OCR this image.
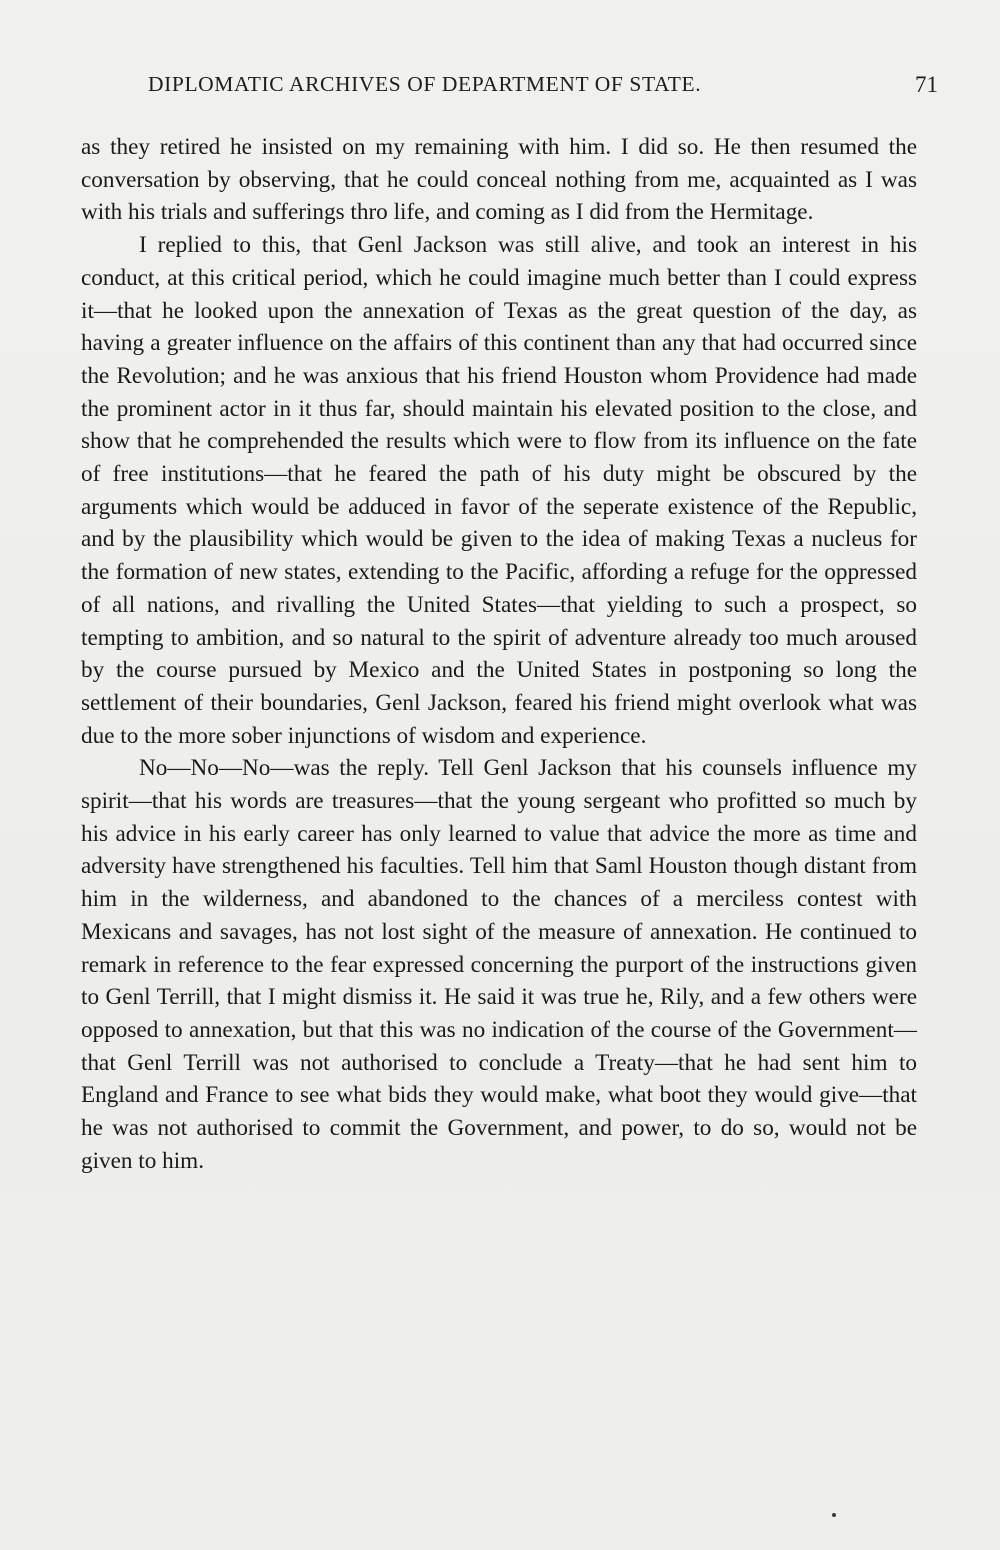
DIPLOMATIC ARCHIVES OF DEPARTMENT OF STATE.	71

as they retired he insisted on my remaining with him. I did so. He then resumed the conversation by observing, that he could conceal nothing from me, acquainted as I was with his trials and sufferings thro life, and coming as I did from the Hermitage.

I replied to this, that Genl Jackson was still alive, and took an interest in his conduct, at this critical period, which he could imagine much better than I could express it—that he looked upon the annexation of Texas as the great question of the day, as having a greater influence on the affairs of this continent than any that had occurred since the Revolution; and he was anxious that his friend Houston whom Providence had made the prominent actor in it thus far, should maintain his elevated position to the close, and show that he comprehended the results which were to flow from its influence on the fate of free institutions—that he feared the path of his duty might be obscured by the arguments which would be adduced in favor of the seperate existence of the Republic, and by the plausibility which would be given to the idea of making Texas a nucleus for the formation of new states, extending to the Pacific, affording a refuge for the oppressed of all nations, and rivalling the United States—that yielding to such a prospect, so tempting to ambition, and so natural to the spirit of adventure already too much aroused by the course pursued by Mexico and the United States in postponing so long the settlement of their boundaries, Genl Jackson, feared his friend might overlook what was due to the more sober injunctions of wisdom and experience.

No—No—No—was the reply. Tell Genl Jackson that his counsels influence my spirit—that his words are treasures—that the young sergeant who profitted so much by his advice in his early career has only learned to value that advice the more as time and adversity have strengthened his faculties. Tell him that Saml Houston though distant from him in the wilderness, and abandoned to the chances of a merciless contest with Mexicans and savages, has not lost sight of the measure of annexation. He continued to remark in reference to the fear expressed concerning the purport of the instructions given to Genl Terrill, that I might dismiss it. He said it was true he, Rily, and a few others were opposed to annexation, but that this was no indication of the course of the Government—that Genl Terrill was not authorised to conclude a Treaty—that he had sent him to England and France to see what bids they would make, what boot they would give—that he was not authorised to commit the Government, and power, to do so, would not be given to him.
